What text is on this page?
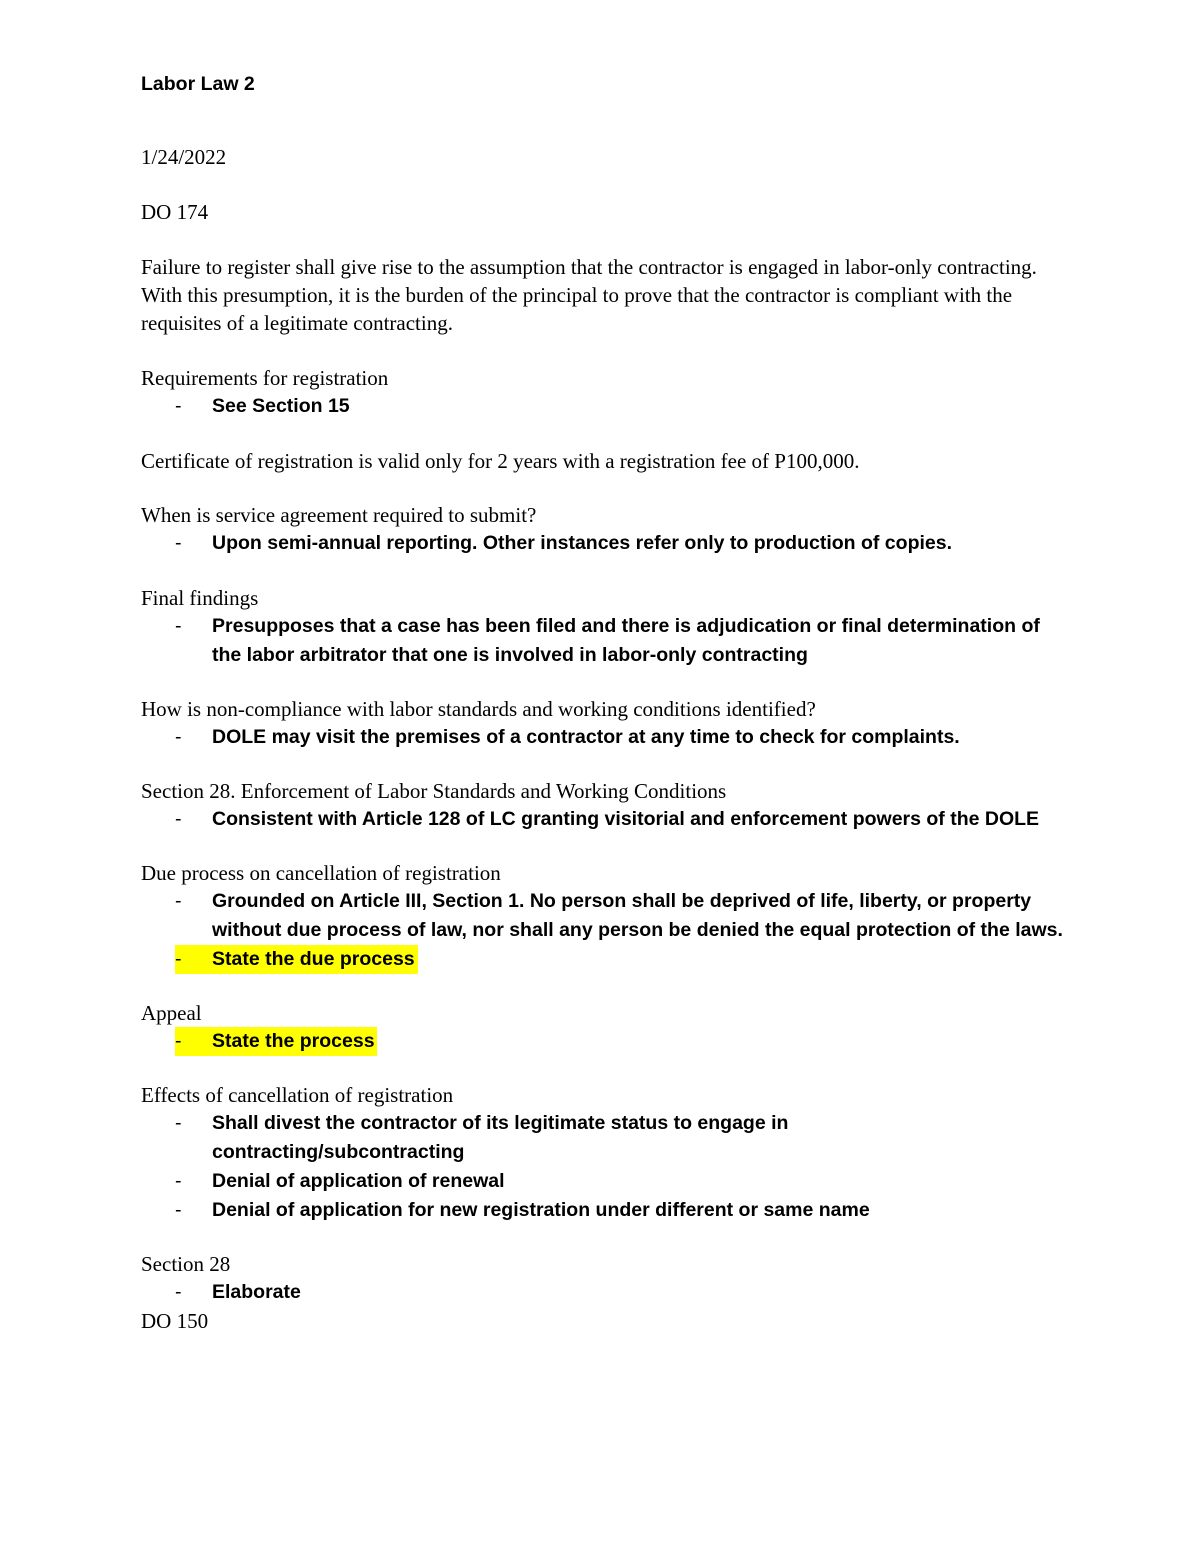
Labor Law 2
1/24/2022
DO 174
Failure to register shall give rise to the assumption that the contractor is engaged in labor-only contracting. With this presumption, it is the burden of the principal to prove that the contractor is compliant with the requisites of a legitimate contracting.
Requirements for registration
- See Section 15
Certificate of registration is valid only for 2 years with a registration fee of P100,000.
When is service agreement required to submit?
- Upon semi-annual reporting. Other instances refer only to production of copies.
Final findings
- Presupposes that a case has been filed and there is adjudication or final determination of the labor arbitrator that one is involved in labor-only contracting
How is non-compliance with labor standards and working conditions identified?
- DOLE may visit the premises of a contractor at any time to check for complaints.
Section 28. Enforcement of Labor Standards and Working Conditions
- Consistent with Article 128 of LC granting visitorial and enforcement powers of the DOLE
Due process on cancellation of registration
- Grounded on Article III, Section 1. No person shall be deprived of life, liberty, or property without due process of law, nor shall any person be denied the equal protection of the laws.
- State the due process
Appeal
- State the process
Effects of cancellation of registration
- Shall divest the contractor of its legitimate status to engage in contracting/subcontracting
- Denial of application of renewal
- Denial of application for new registration under different or same name
Section 28
- Elaborate
DO 150
